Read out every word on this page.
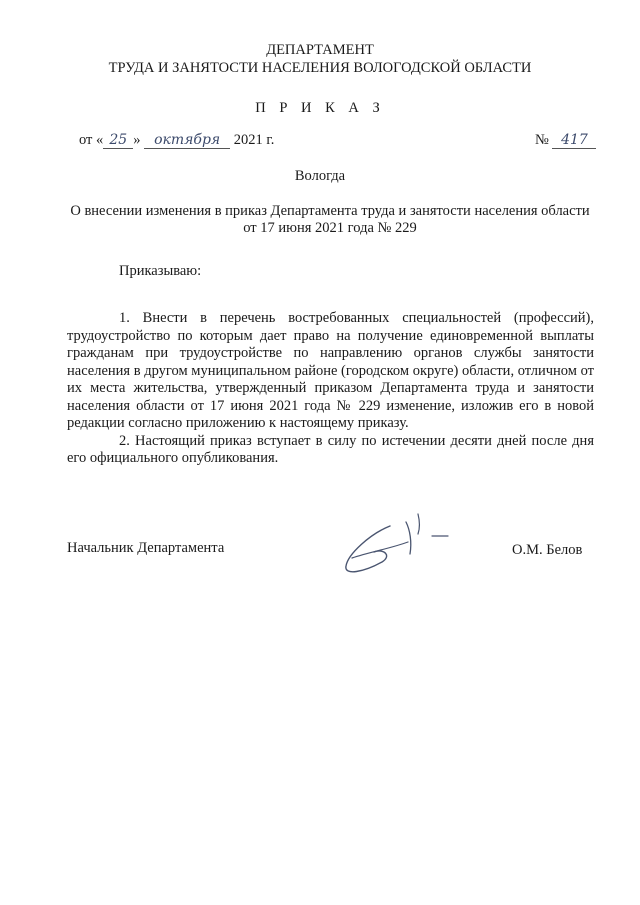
ДЕПАРТАМЕНТ
ТРУДА И ЗАНЯТОСТИ НАСЕЛЕНИЯ ВОЛОГОДСКОЙ ОБЛАСТИ
П Р И К А З
от « 25 » октября 2021 г.	№ 417
Вологда
О внесении изменения в приказ Департамента труда и занятости населения области
от 17 июня 2021 года № 229
Приказываю:

1. Внести в перечень востребованных специальностей (профессий), трудоустройство по которым дает право на получение единовременной выплаты гражданам при трудоустройстве по направлению органов службы занятости населения в другом муниципальном районе (городском округе) области, отличном от их места жительства, утвержденный приказом Департамента труда и занятости населения области от 17 июня 2021 года № 229 изменение, изложив его в новой редакции согласно приложению к настоящему приказу.

2. Настоящий приказ вступает в силу по истечении десяти дней после дня его официального опубликования.

Начальник Департамента	О.М. Белов
